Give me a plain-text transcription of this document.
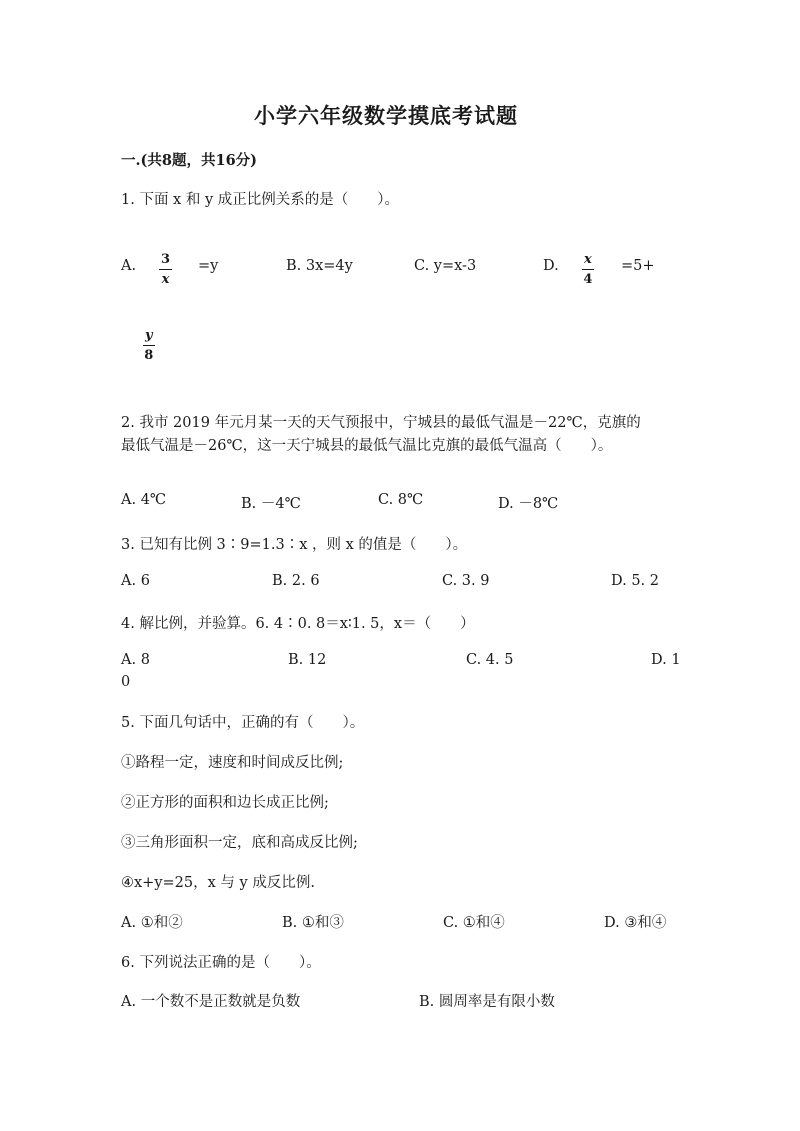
小学六年级数学摸底考试题
一.(共8题，共16分)
1. 下面 x 和 y 成正比例关系的是（　　）。
A. 3
x
=y	B. 3x=4y	C. y=x-3	D. x
4
=5+
y
8
2. 我市 2019 年元月某一天的天气预报中，宁城县的最低气温是－22℃，克旗的
最低气温是－26℃，这一天宁城县的最低气温比克旗的最低气温高（　　）。
A. 4℃	B. －4℃	C. 8℃	D. －8℃
3. 已知有比例 3∶9=1.3∶x ，则 x 的值是（　　）。
A. 6	B. 2. 6	C. 3. 9	D. 5. 2
4. 解比例，并验算。6. 4∶0. 8＝x∶1. 5，x＝（　　）
A. 8	B. 12	C. 4. 5	D. 1
0
5. 下面几句话中，正确的有（　　）。
①路程一定，速度和时间成反比例;
②正方形的面积和边长成正比例;
③三角形面积一定，底和高成反比例;
④x+y=25，x 与 y 成反比例.
A. ①和②	B. ①和③	C. ①和④	D. ③和④
6. 下列说法正确的是（　　）。
A. 一个数不是正数就是负数	B. 圆周率是有限小数
